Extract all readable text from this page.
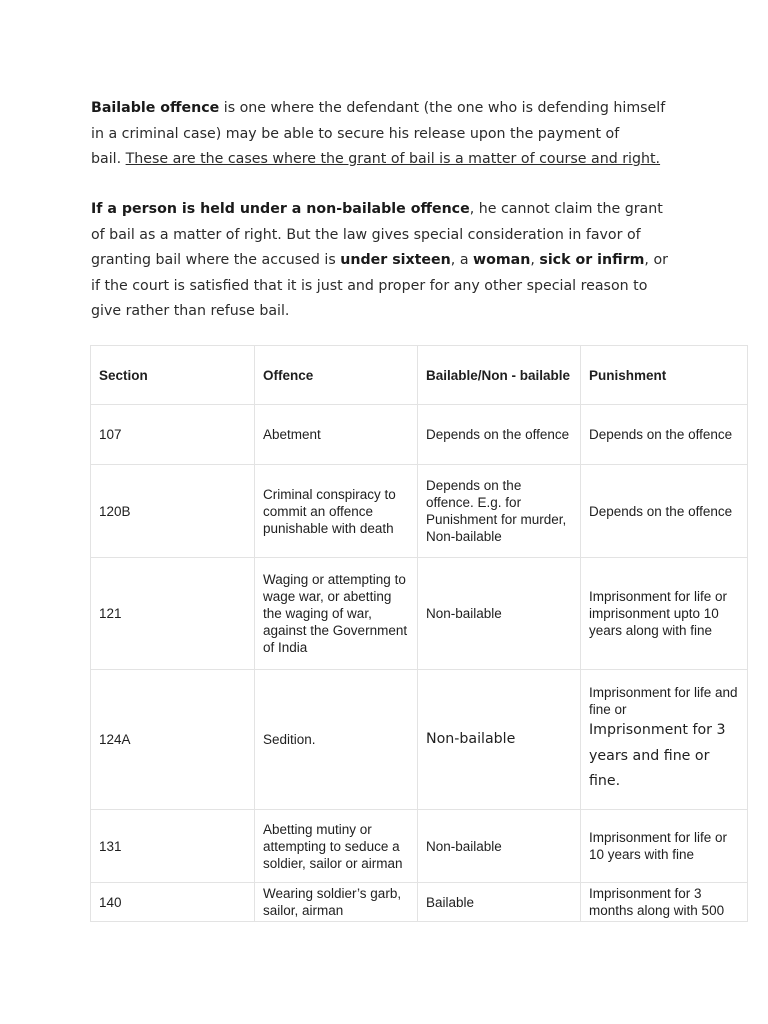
Bailable offence is one where the defendant (the one who is defending himself
in a criminal case) may be able to secure his release upon the payment of
bail. These are the cases where the grant of bail is a matter of course and right.

If a person is held under a non-bailable offence, he cannot claim the grant
of bail as a matter of right. But the law gives special consideration in favor of
granting bail where the accused is under sixteen, a woman, sick or infirm, or
if the court is satisfied that it is just and proper for any other special reason to
give rather than refuse bail.

Section	Offence	Bailable/Non - bailable	Punishment
107	Abetment	Depends on the offence	Depends on the offence
120B	Criminal conspiracy to commit an offence punishable with death	Depends on the offence. E.g. for Punishment for murder, Non-bailable	Depends on the offence
121	Waging or attempting to wage war, or abetting the waging of war, against the Government of India	Non-bailable	Imprisonment for life or imprisonment upto 10 years along with fine
124A	Sedition.	Non-bailable	Imprisonment for life and fine or
Imprisonment for 3 years and fine or fine.

131	Abetting mutiny or attempting to seduce a soldier, sailor or airman	Non-bailable	Imprisonment for life or 10 years with fine
140	Wearing soldier’s garb, sailor, airman	Bailable	Imprisonment for 3 months along with 500
